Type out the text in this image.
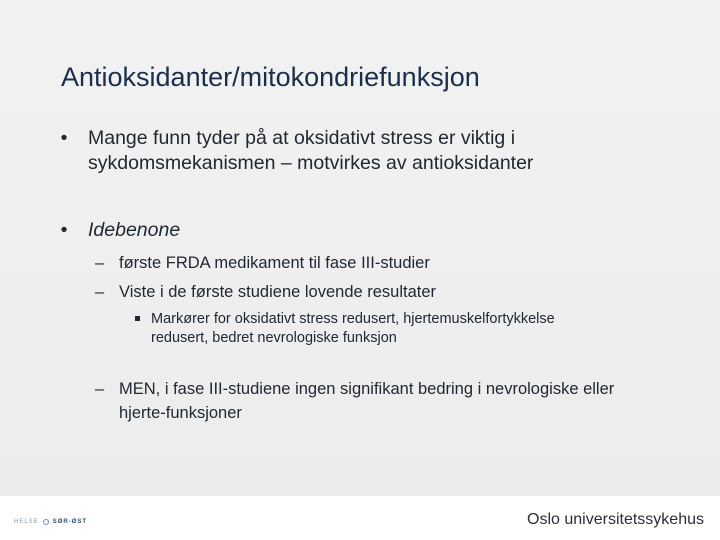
Antioksidanter/mitokondriefunksjon
• Mange funn tyder på at oksidativt stress er viktig i sykdomsmekanismen – motvirkes av antioksidanter
• Idebenone
– første FRDA medikament til fase III-studier
– Viste i de første studiene lovende resultater
Markører for oksidativt stress redusert, hjertemuskelfortykkelse redusert, bedret nevrologiske funksjon
– MEN, i fase III-studiene ingen signifikant bedring i nevrologiske eller hjerte-funksjoner
HELSE SØR-ØST	Oslo universitetssykehus
